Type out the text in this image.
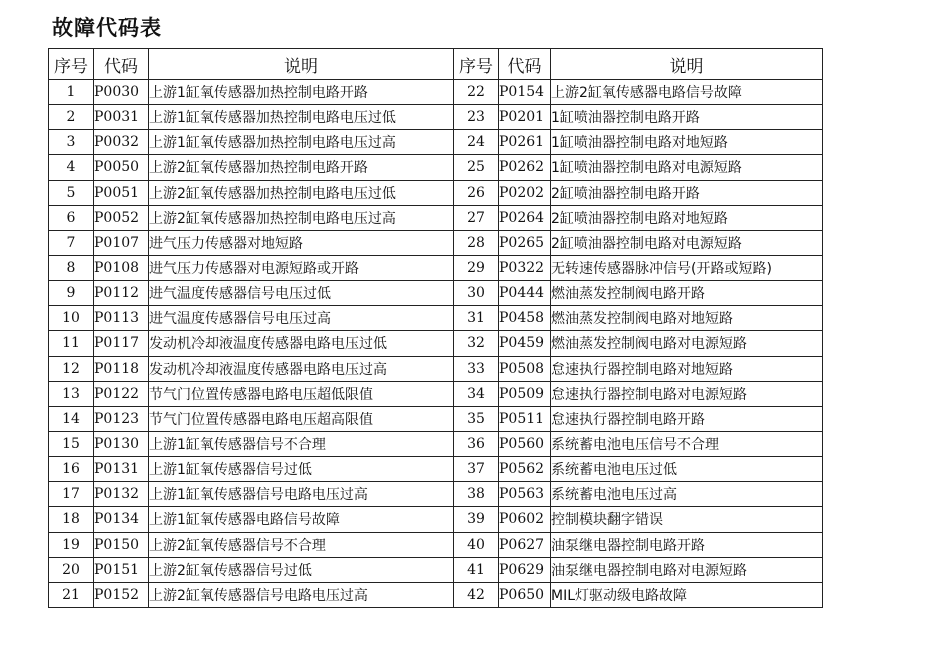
故障代码表
序号	代码	说明	序号	代码	说明
1	P0030	上游1缸氧传感器加热控制电路开路	22	P0154	上游2缸氧传感器电路信号故障
2	P0031	上游1缸氧传感器加热控制电路电压过低	23	P0201	1缸喷油器控制电路开路
3	P0032	上游1缸氧传感器加热控制电路电压过高	24	P0261	1缸喷油器控制电路对地短路
4	P0050	上游2缸氧传感器加热控制电路开路	25	P0262	1缸喷油器控制电路对电源短路
5	P0051	上游2缸氧传感器加热控制电路电压过低	26	P0202	2缸喷油器控制电路开路
6	P0052	上游2缸氧传感器加热控制电路电压过高	27	P0264	2缸喷油器控制电路对地短路
7	P0107	进气压力传感器对地短路	28	P0265	2缸喷油器控制电路对电源短路
8	P0108	进气压力传感器对电源短路或开路	29	P0322	无转速传感器脉冲信号(开路或短路)
9	P0112	进气温度传感器信号电压过低	30	P0444	燃油蒸发控制阀电路开路
10	P0113	进气温度传感器信号电压过高	31	P0458	燃油蒸发控制阀电路对地短路
11	P0117	发动机冷却液温度传感器电路电压过低	32	P0459	燃油蒸发控制阀电路对电源短路
12	P0118	发动机冷却液温度传感器电路电压过高	33	P0508	怠速执行器控制电路对地短路
13	P0122	节气门位置传感器电路电压超低限值	34	P0509	怠速执行器控制电路对电源短路
14	P0123	节气门位置传感器电路电压超高限值	35	P0511	怠速执行器控制电路开路
15	P0130	上游1缸氧传感器信号不合理	36	P0560	系统蓄电池电压信号不合理
16	P0131	上游1缸氧传感器信号过低	37	P0562	系统蓄电池电压过低
17	P0132	上游1缸氧传感器信号电路电压过高	38	P0563	系统蓄电池电压过高
18	P0134	上游1缸氧传感器电路信号故障	39	P0602	控制模块翻字错误
19	P0150	上游2缸氧传感器信号不合理	40	P0627	油泵继电器控制电路开路
20	P0151	上游2缸氧传感器信号过低	41	P0629	油泵继电器控制电路对电源短路
21	P0152	上游2缸氧传感器信号电路电压过高	42	P0650	MIL灯驱动级电路故障
